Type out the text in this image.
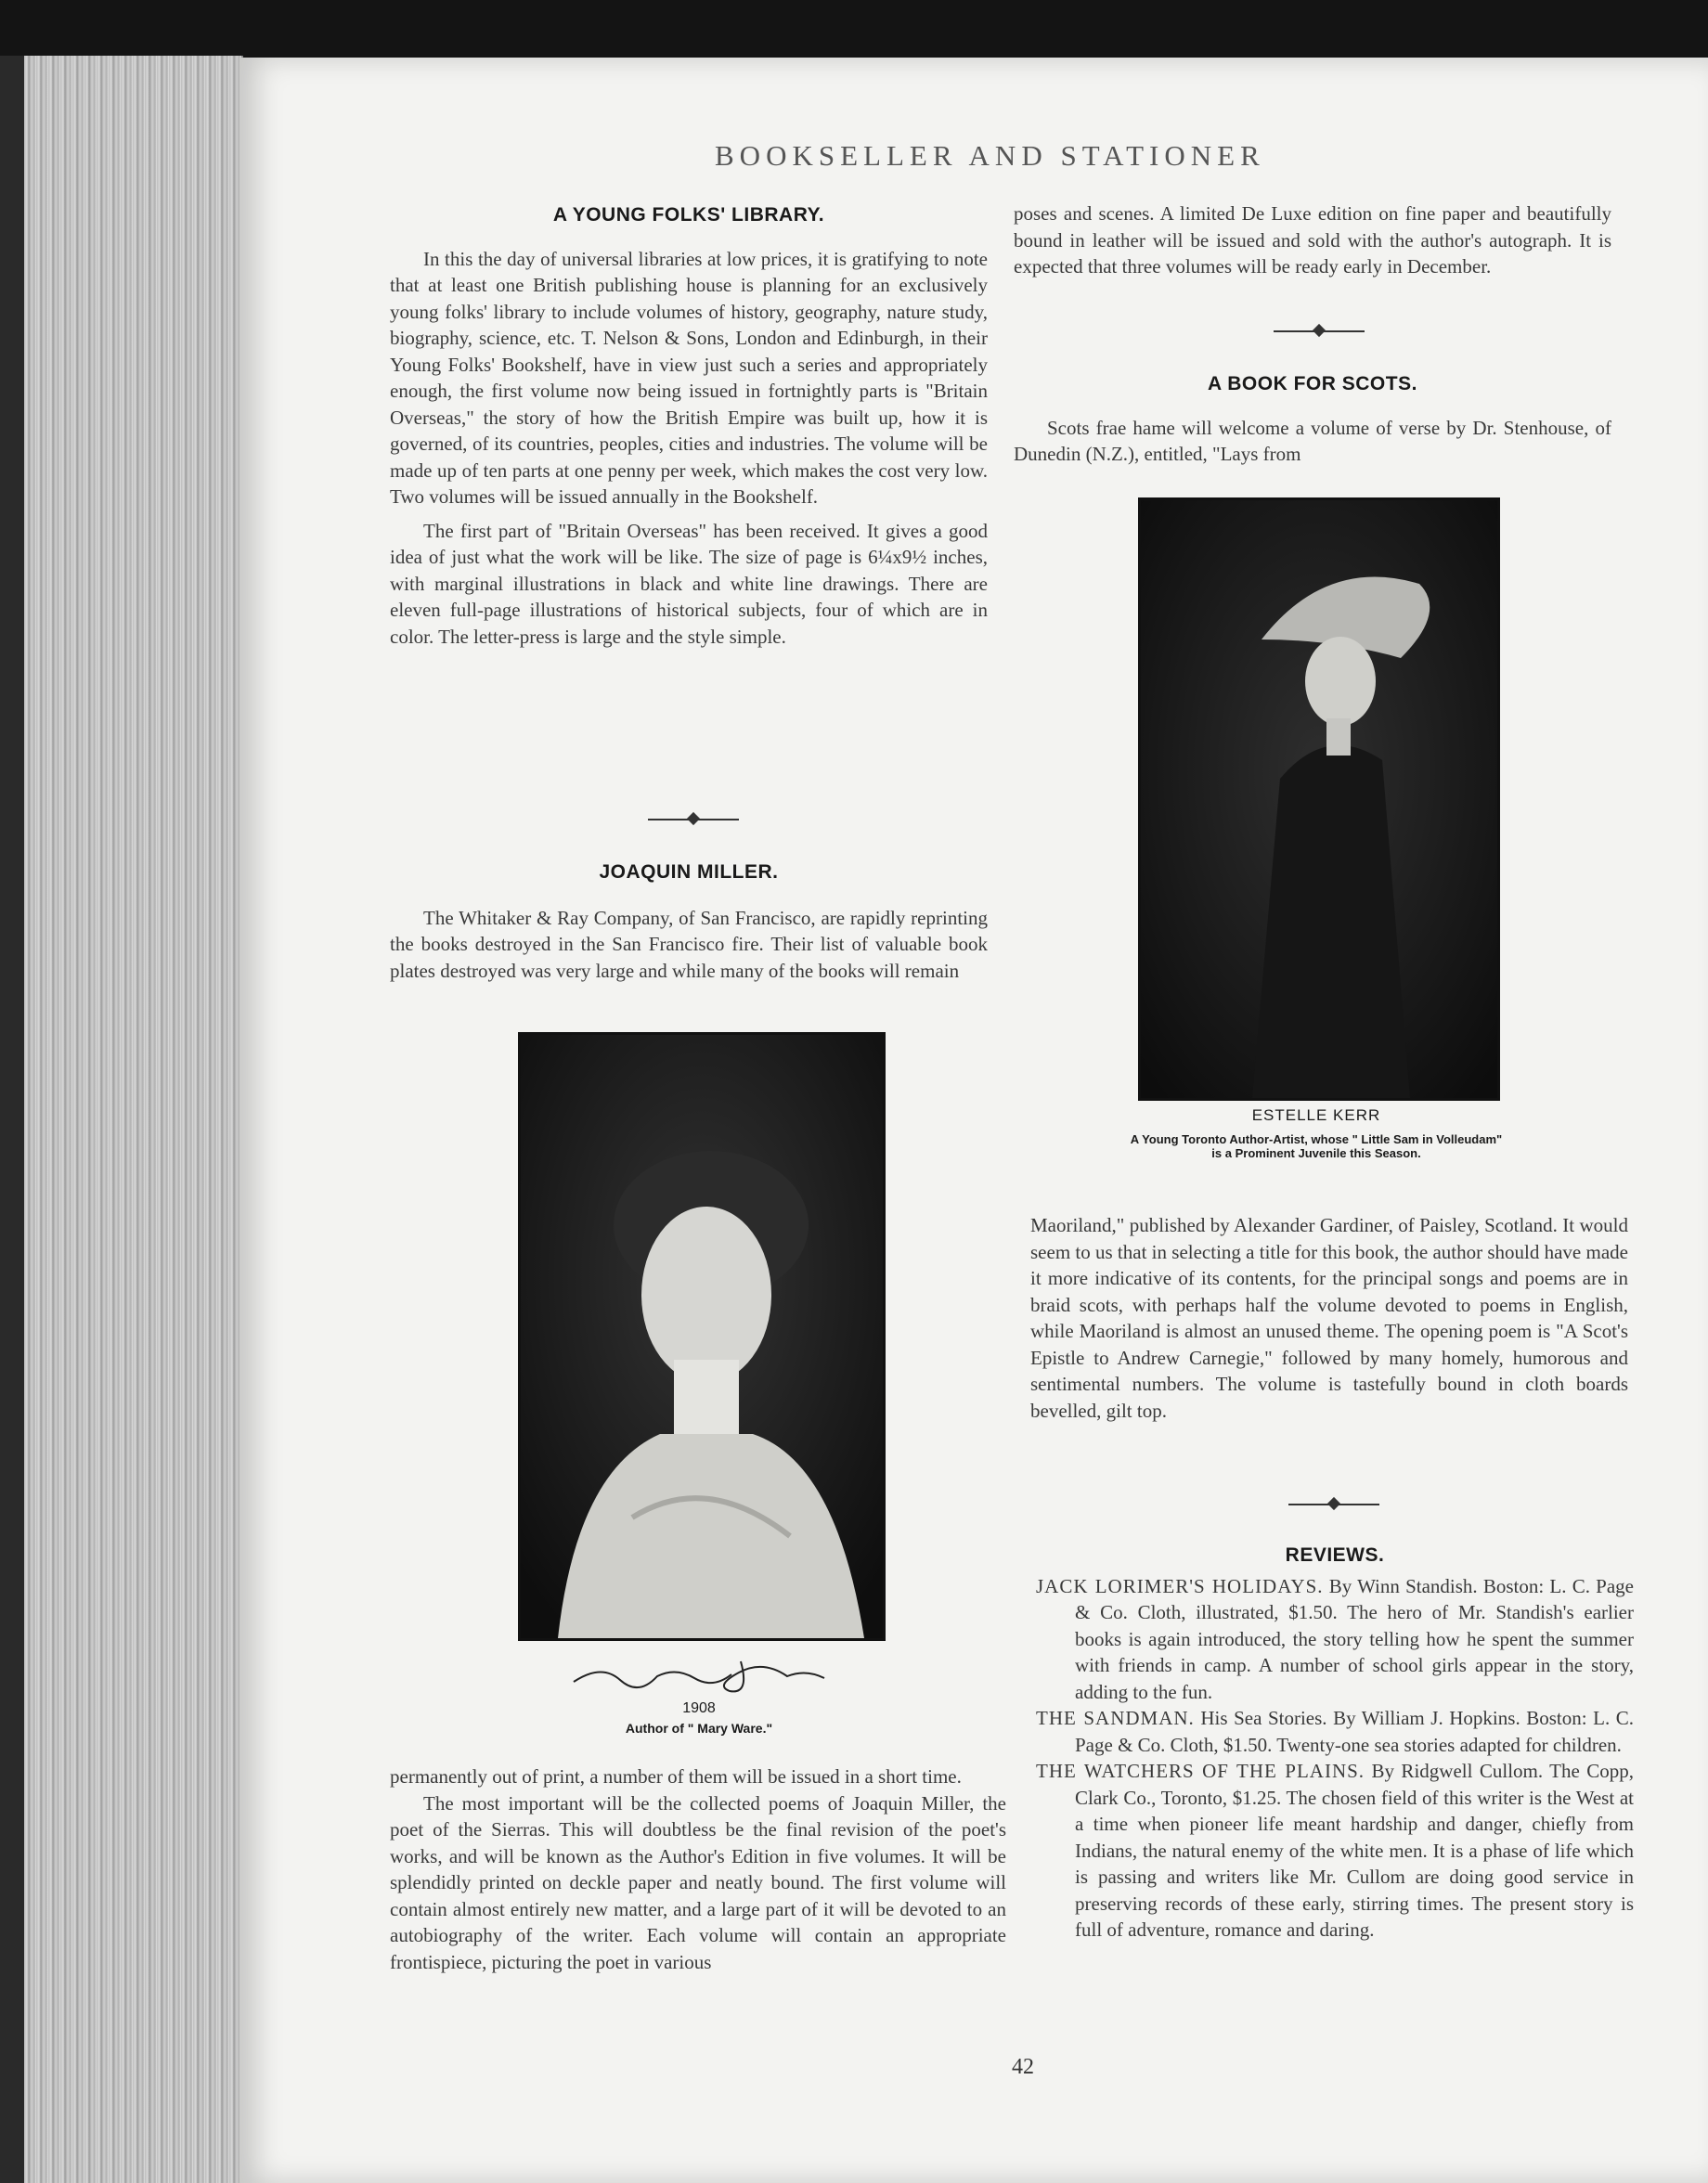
BOOKSELLER AND STATIONER
A YOUNG FOLKS' LIBRARY.

In this the day of universal libraries at low prices, it is gratifying to note that at least one British publishing house is planning for an exclusively young folks' library to include volumes of history, geography, nature study, biography, science, etc. T. Nelson & Sons, London and Edinburgh, in their Young Folks' Bookshelf, have in view just such a series and appropriately enough, the first volume now being issued in fortnightly parts is "Britain Overseas," the story of how the British Empire was built up, how it is governed, of its countries, peoples, cities and industries. The volume will be made up of ten parts at one penny per week, which makes the cost very low. Two volumes will be issued annually in the Bookshelf.

The first part of "Britain Overseas" has been received. It gives a good idea of just what the work will be like. The size of page is 6¼x9½ inches, with marginal illustrations in black and white line drawings. There are eleven full-page illustrations of historical subjects, four of which are in color. The letter-press is large and the style simple.

JOAQUIN MILLER.

The Whitaker & Ray Company, of San Francisco, are rapidly reprinting the books destroyed in the San Francisco fire. Their list of valuable book plates destroyed was very large and while many of the books will remain

1908
Author of " Mary Ware."

permanently out of print, a number of them will be issued in a short time.

The most important will be the collected poems of Joaquin Miller, the poet of the Sierras. This will doubtless be the final revision of the poet's works, and will be known as the Author's Edition in five volumes. It will be splendidly printed on deckle paper and neatly bound. The first volume will contain almost entirely new matter, and a large part of it will be devoted to an autobiography of the writer. Each volume will contain an appropriate frontispiece, picturing the poet in various

poses and scenes. A limited De Luxe edition on fine paper and beautifully bound in leather will be issued and sold with the author's autograph. It is expected that three volumes will be ready early in December.

A BOOK FOR SCOTS.

Scots frae hame will welcome a volume of verse by Dr. Stenhouse, of Dunedin (N.Z.), entitled, "Lays from

ESTELLE KERR
A Young Toronto Author-Artist, whose " Little Sam in Volleudam"
is a Prominent Juvenile this Season.

Maoriland," published by Alexander Gardiner, of Paisley, Scotland. It would seem to us that in selecting a title for this book, the author should have made it more indicative of its contents, for the principal songs and poems are in braid scots, with perhaps half the volume devoted to poems in English, while Maoriland is almost an unused theme. The opening poem is "A Scot's Epistle to Andrew Carnegie," followed by many homely, humorous and sentimental numbers. The volume is tastefully bound in cloth boards bevelled, gilt top.

REVIEWS.

JACK LORIMER'S HOLIDAYS. By Winn Standish. Boston: L. C. Page & Co. Cloth, illustrated, $1.50. The hero of Mr. Standish's earlier books is again introduced, the story telling how he spent the summer with friends in camp. A number of school girls appear in the story, adding to the fun.

THE SANDMAN. His Sea Stories. By William J. Hopkins. Boston: L. C. Page & Co. Cloth, $1.50. Twenty-one sea stories adapted for children.

THE WATCHERS OF THE PLAINS. By Ridgwell Cullom. The Copp, Clark Co., Toronto, $1.25. The chosen field of this writer is the West at a time when pioneer life meant hardship and danger, chiefly from Indians, the natural enemy of the white men. It is a phase of life which is passing and writers like Mr. Cullom are doing good service in preserving records of these early, stirring times. The present story is full of adventure, romance and daring.

42
